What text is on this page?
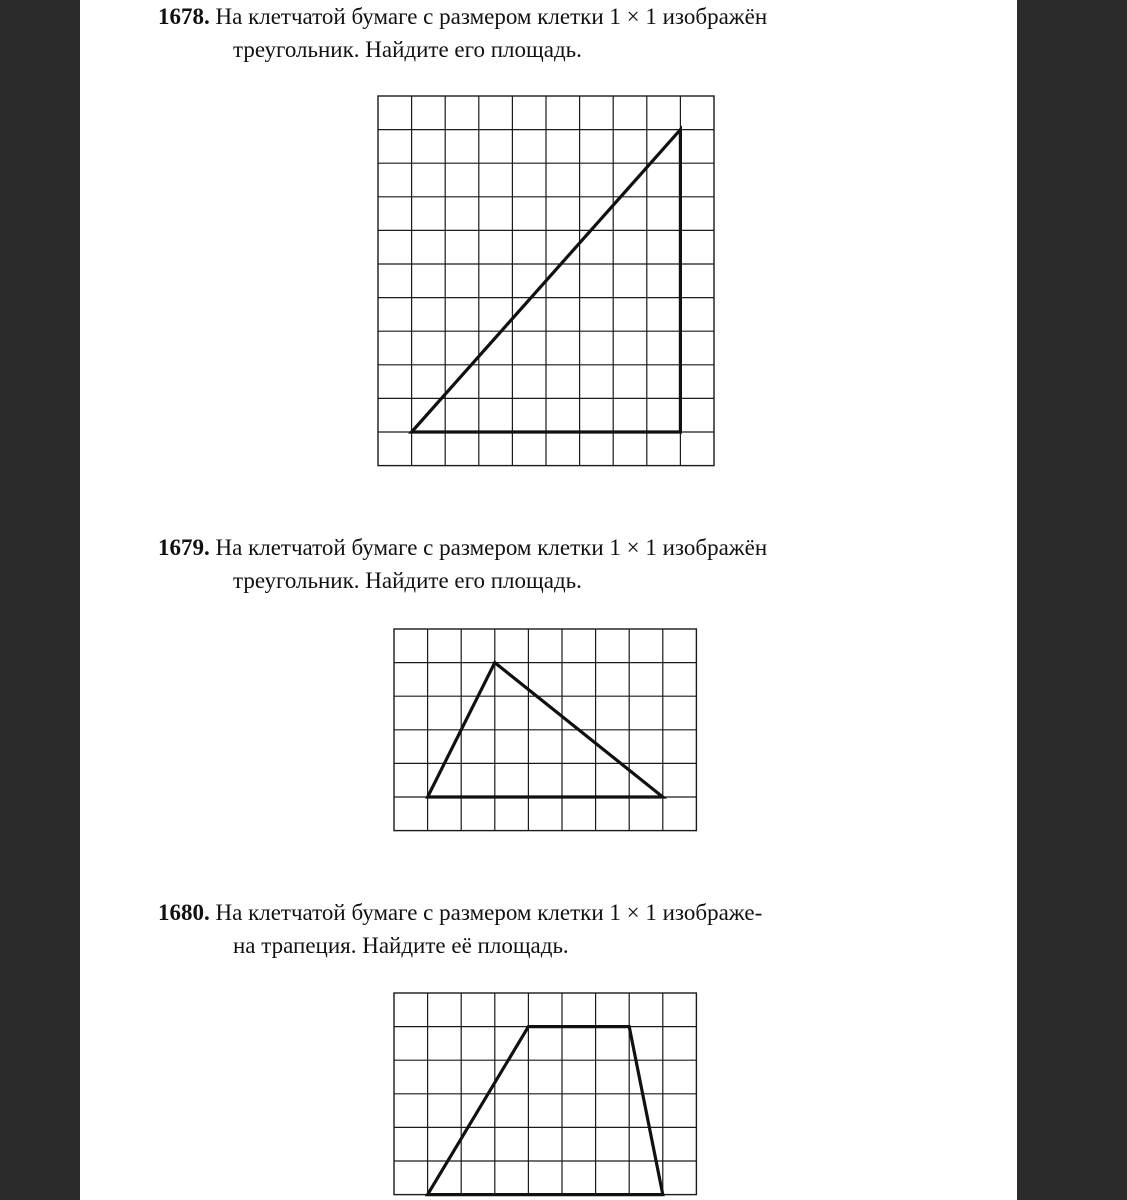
1678. На клетчатой бумаге с размером клетки 1 × 1 изображён
треугольник. Найдите его площадь.
1679. На клетчатой бумаге с размером клетки 1 × 1 изображён
треугольник. Найдите его площадь.
1680. На клетчатой бумаге с размером клетки 1 × 1 изображе-
на трапеция. Найдите её площадь.
